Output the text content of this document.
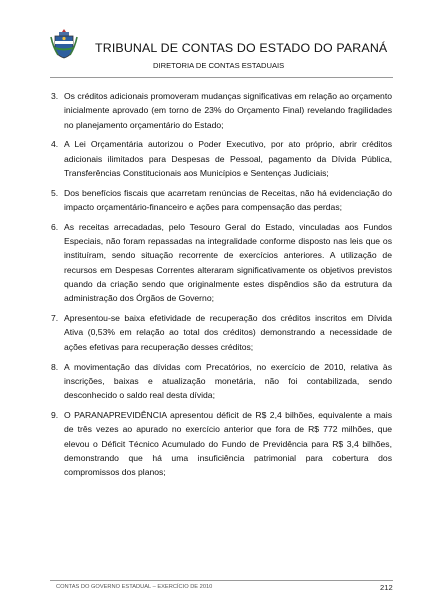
TRIBUNAL DE CONTAS DO ESTADO DO PARANÁ
DIRETORIA DE CONTAS ESTADUAIS
3. Os créditos adicionais promoveram mudanças significativas em relação ao orçamento inicialmente aprovado (em torno de 23% do Orçamento Final) revelando fragilidades no planejamento orçamentário do Estado;
4. A Lei Orçamentária autorizou o Poder Executivo, por ato próprio, abrir créditos adicionais ilimitados para Despesas de Pessoal, pagamento da Dívida Pública, Transferências Constitucionais aos Municípios e Sentenças Judiciais;
5. Dos benefícios fiscais que acarretam renúncias de Receitas, não há evidenciação do impacto orçamentário-financeiro e ações para compensação das perdas;
6. As receitas arrecadadas, pelo Tesouro Geral do Estado, vinculadas aos Fundos Especiais, não foram repassadas na integralidade conforme disposto nas leis que os instituíram, sendo situação recorrente de exercícios anteriores. A utilização de recursos em Despesas Correntes alteraram significativamente os objetivos previstos quando da criação sendo que originalmente estes dispêndios são da estrutura da administração dos Órgãos de Governo;
7. Apresentou-se baixa efetividade de recuperação dos créditos inscritos em Dívida Ativa (0,53% em relação ao total dos créditos) demonstrando a necessidade de ações efetivas para recuperação desses créditos;
8. A movimentação das dívidas com Precatórios, no exercício de 2010, relativa às inscrições, baixas e atualização monetária, não foi contabilizada, sendo desconhecido o saldo real desta dívida;
9. O PARANAPREVIDÊNCIA apresentou déficit de R$ 2,4 bilhões, equivalente a mais de três vezes ao apurado no exercício anterior que fora de R$ 772 milhões, que elevou o Déficit Técnico Acumulado do Fundo de Previdência para R$ 3,4 bilhões, demonstrando que há uma insuficiência patrimonial para cobertura dos compromissos dos planos;
CONTAS DO GOVERNO ESTADUAL – EXERCÍCIO DE 2010	212
